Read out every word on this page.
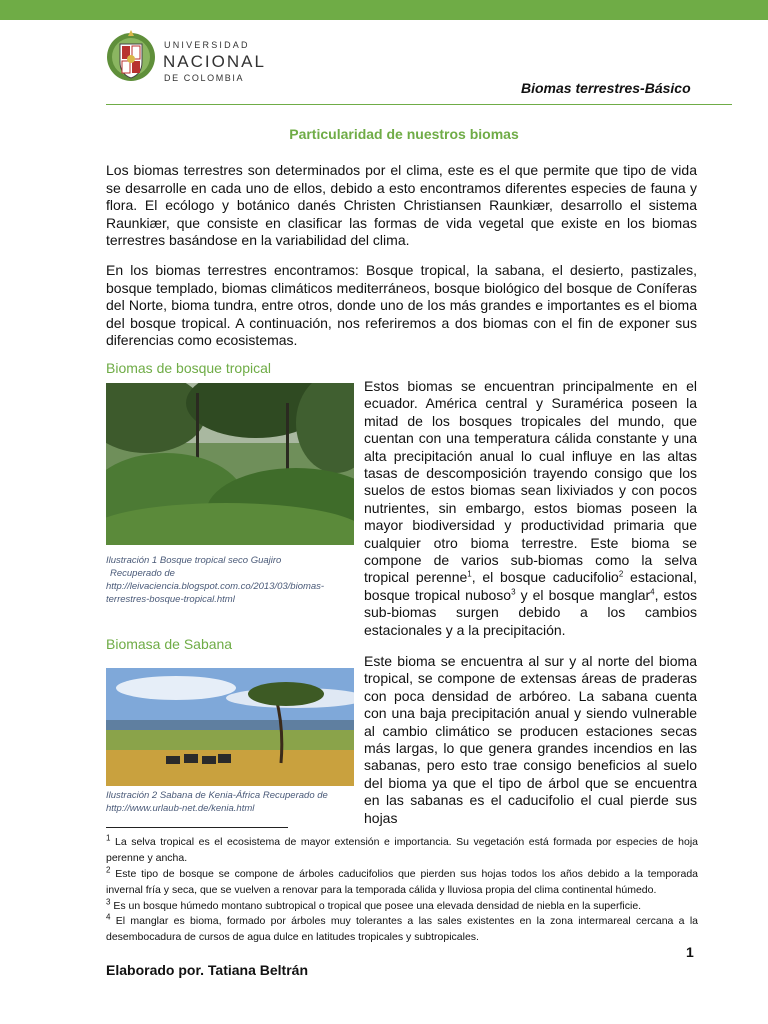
UNIVERSIDAD
NACIONAL
DE COLOMBIA
Biomas terrestres-Básico
Particularidad de nuestros biomas

Los biomas terrestres son determinados por el clima, este es el que permite que tipo de vida se desarrolle en cada uno de ellos, debido a esto encontramos diferentes especies de fauna y flora. El ecólogo y botánico danés Christen Christiansen Raunkiær, desarrollo el sistema Raunkiær, que consiste en clasificar las formas de vida vegetal que existe en los biomas terrestres basándose en la variabilidad del clima.

En los biomas terrestres encontramos: Bosque tropical, la sabana, el desierto, pastizales, bosque templado, biomas climáticos mediterráneos, bosque biológico del bosque de Coníferas del Norte, bioma tundra, entre otros, donde uno de los más grandes e importantes es el bioma del bosque tropical. A continuación, nos referiremos a dos biomas con el fin de exponer sus diferencias como ecosistemas.

Biomas de bosque tropical
Ilustración 1 Bosque tropical seco Guajiro
Recuperado de
http://leivaciencia.blogspot.com.co/2013/03/biomas-terrestres-bosque-tropical.html

Estos biomas se encuentran principalmente en el ecuador. América central y Suramérica poseen la mitad de los bosques tropicales del mundo, que cuentan con una temperatura cálida constante y una alta precipitación anual lo cual influye en las altas tasas de descomposición trayendo consigo que los suelos de estos biomas sean lixiviados y con pocos nutrientes, sin embargo, estos biomas poseen la mayor biodiversidad y productividad primaria que cualquier otro bioma terrestre. Este bioma se compone de varios sub-biomas como la selva tropical perenne$^1$, el bosque caducifolio$^2$ estacional, bosque tropical nuboso$^3$ y el bosque manglar$^4$, estos sub-biomas surgen debido a los cambios estacionales y a la precipitación.

Biomasa de Sabana
Ilustración 2 Sabana de Kenia-África Recuperado de
http://www.urlaub-net.de/kenia.html

Este bioma se encuentra al sur y al norte del bioma tropical, se compone de extensas áreas de praderas con poca densidad de arbóreo. La sabana cuenta con una baja precipitación anual y siendo vulnerable al cambio climático se producen estaciones secas más largas, lo que genera grandes incendios en las sabanas, pero esto trae consigo beneficios al suelo del bioma ya que el tipo de árbol que se encuentra en las sabanas es el caducifolio el cual pierde sus hojas

$^1$ La selva tropical es el ecosistema de mayor extensión e importancia. Su vegetación está formada por especies de hoja perenne y ancha.

$^2$ Este tipo de bosque se compone de árboles caducifolios que pierden sus hojas todos los años debido a la temporada invernal fría y seca, que se vuelven a renovar para la temporada cálida y lluviosa propia del clima continental húmedo.

$^3$ Es un bosque húmedo montano subtropical o tropical que posee una elevada densidad de niebla en la superficie.

$^4$ El manglar es bioma, formado por árboles muy tolerantes a las sales existentes en la zona intermareal cercana a la desembocadura de cursos de agua dulce en latitudes tropicales y subtropicales.

1
Elaborado por. Tatiana Beltrán
